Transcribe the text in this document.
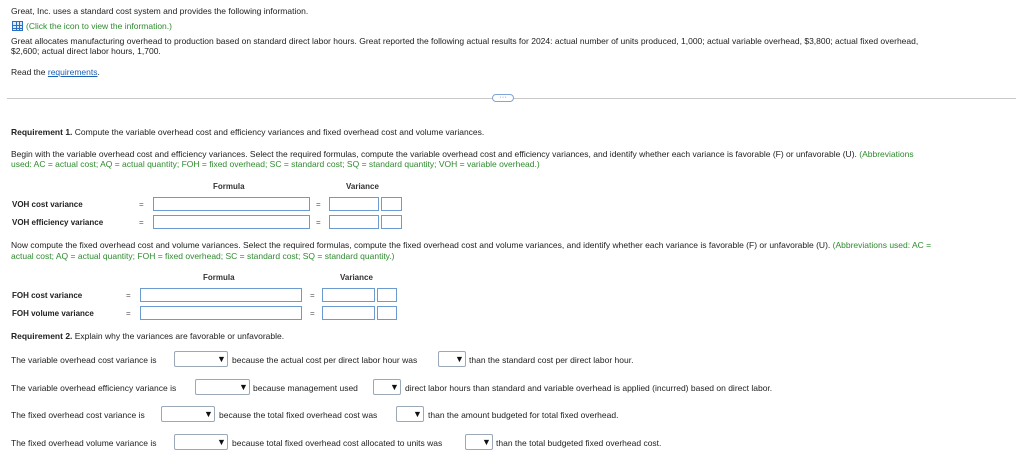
Great, Inc. uses a standard cost system and provides the following information.
(Click the icon to view the information.)
Great allocates manufacturing overhead to production based on standard direct labor hours. Great reported the following actual results for 2024: actual number of units produced, 1,000; actual variable overhead, $3,800; actual fixed overhead,
$2,600; actual direct labor hours, 1,700.
Read the requirements.
···
Requirement 1. Compute the variable overhead cost and efficiency variances and fixed overhead cost and volume variances.
Begin with the variable overhead cost and efficiency variances. Select the required formulas, compute the variable overhead cost and efficiency variances, and identify whether each variance is favorable (F) or unfavorable (U). (Abbreviations
used: AC = actual cost; AQ = actual quantity; FOH = fixed overhead; SC = standard cost; SQ = standard quantity; VOH = variable overhead.)
Formula	Variance
VOH cost variance	=	=
VOH efficiency variance	=	=
Now compute the fixed overhead cost and volume variances. Select the required formulas, compute the fixed overhead cost and volume variances, and identify whether each variance is favorable (F) or unfavorable (U). (Abbreviations used: AC =
actual cost; AQ = actual quantity; FOH = fixed overhead; SC = standard cost; SQ = standard quantity.)
Formula	Variance
FOH cost variance	=	=
FOH volume variance	=	=
Requirement 2. Explain why the variances are favorable or unfavorable.
The variable overhead cost variance is	▼ because the actual cost per direct labor hour was	▼ than the standard cost per direct labor hour.
The variable overhead efficiency variance is	▼ because management used	▼ direct labor hours than standard and variable overhead is applied (incurred) based on direct labor.
The fixed overhead cost variance is	▼ because the total fixed overhead cost was	▼ than the amount budgeted for total fixed overhead.
The fixed overhead volume variance is	▼ because total fixed overhead cost allocated to units was	▼ than the total budgeted fixed overhead cost.
